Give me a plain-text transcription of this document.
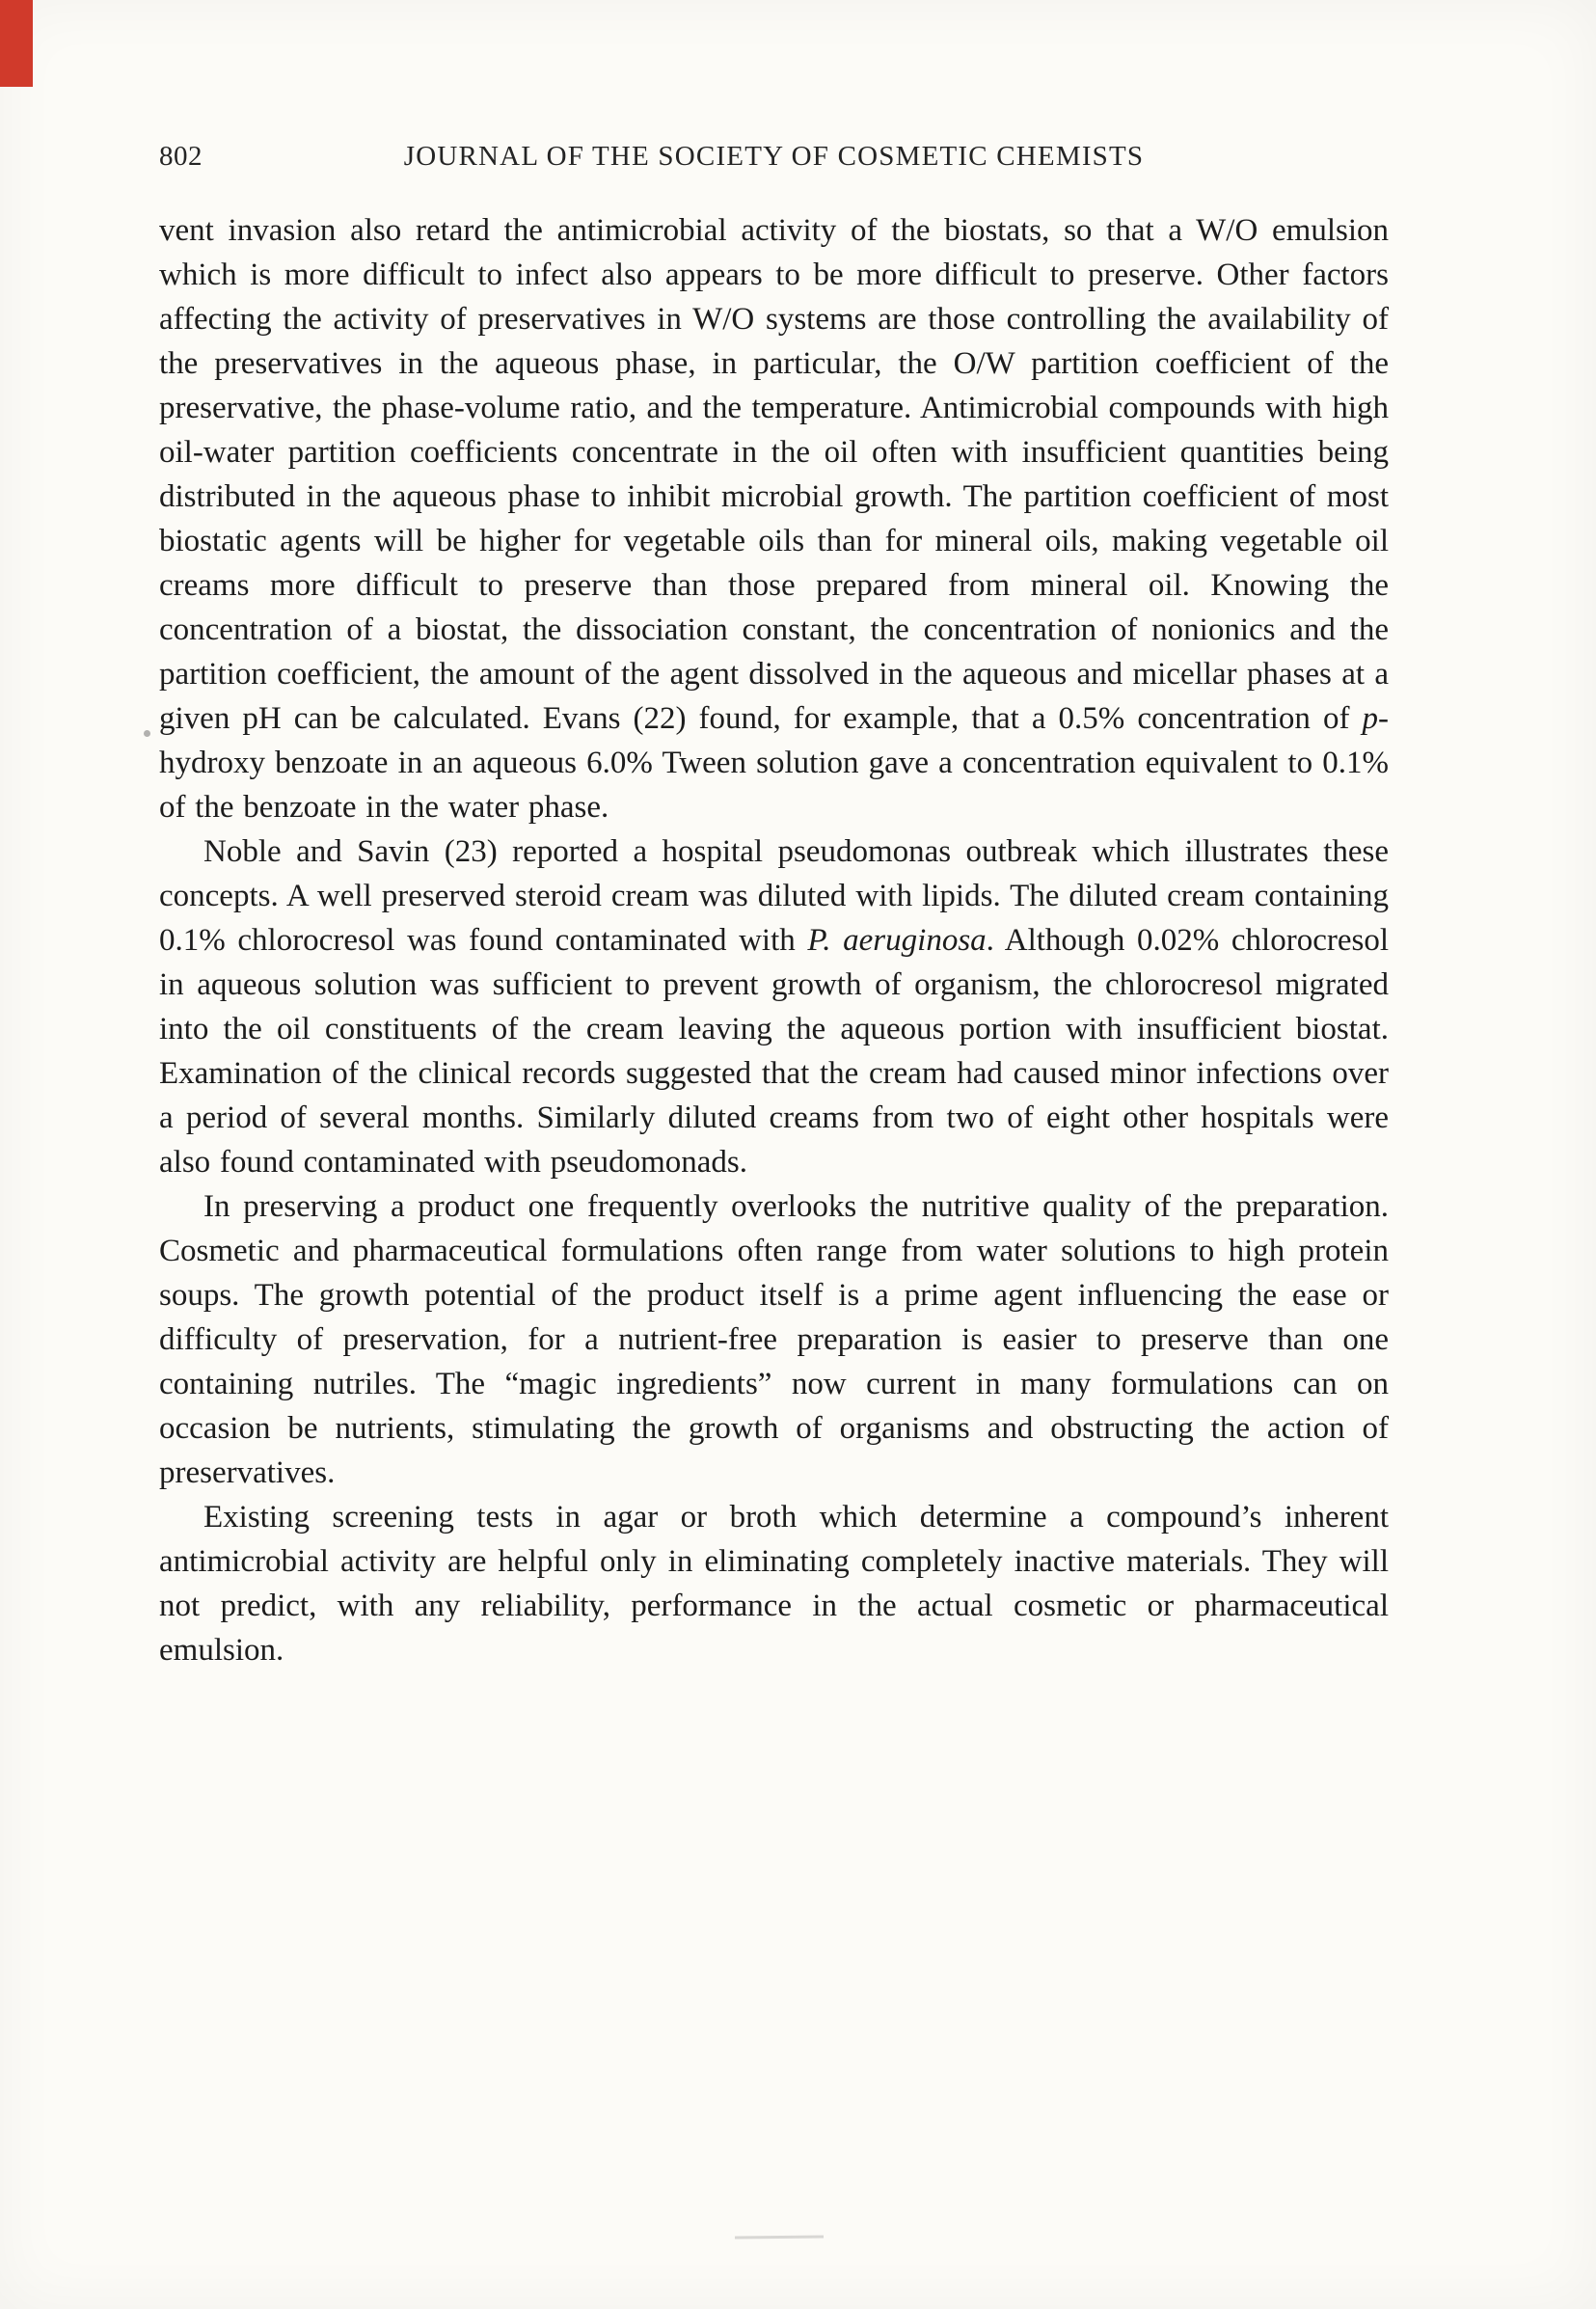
802	JOURNAL OF THE SOCIETY OF COSMETIC CHEMISTS

vent invasion also retard the antimicrobial activity of the biostats, so that a W/O emulsion which is more difficult to infect also appears to be more difficult to preserve. Other factors affecting the activity of preservatives in W/O systems are those controlling the availability of the preservatives in the aqueous phase, in particular, the O/W partition coefficient of the preservative, the phase-volume ratio, and the temperature. Antimicrobial compounds with high oil-water partition coefficients concentrate in the oil often with insufficient quantities being distributed in the aqueous phase to inhibit microbial growth. The partition coefficient of most biostatic agents will be higher for vegetable oils than for mineral oils, making vegetable oil creams more difficult to preserve than those prepared from mineral oil. Knowing the concentration of a biostat, the dissociation constant, the concentration of nonionics and the partition coefficient, the amount of the agent dissolved in the aqueous and micellar phases at a given pH can be calculated. Evans (22) found, for example, that a 0.5% concentration of p-hydroxy benzoate in an aqueous 6.0% Tween solution gave a concentration equivalent to 0.1% of the benzoate in the water phase.

Noble and Savin (23) reported a hospital pseudomonas outbreak which illustrates these concepts. A well preserved steroid cream was diluted with lipids. The diluted cream containing 0.1% chlorocresol was found contaminated with P. aeruginosa. Although 0.02% chlorocresol in aqueous solution was sufficient to prevent growth of organism, the chlorocresol migrated into the oil constituents of the cream leaving the aqueous portion with insufficient biostat. Examination of the clinical records suggested that the cream had caused minor infections over a period of several months. Similarly diluted creams from two of eight other hospitals were also found contaminated with pseudomonads.

In preserving a product one frequently overlooks the nutritive quality of the preparation. Cosmetic and pharmaceutical formulations often range from water solutions to high protein soups. The growth potential of the product itself is a prime agent influencing the ease or difficulty of preservation, for a nutrient-free preparation is easier to preserve than one containing nutriles. The “magic ingredients” now current in many formulations can on occasion be nutrients, stimulating the growth of organisms and obstructing the action of preservatives.

Existing screening tests in agar or broth which determine a compound’s inherent antimicrobial activity are helpful only in eliminating completely inactive materials. They will not predict, with any reliability, performance in the actual cosmetic or pharmaceutical emulsion.
